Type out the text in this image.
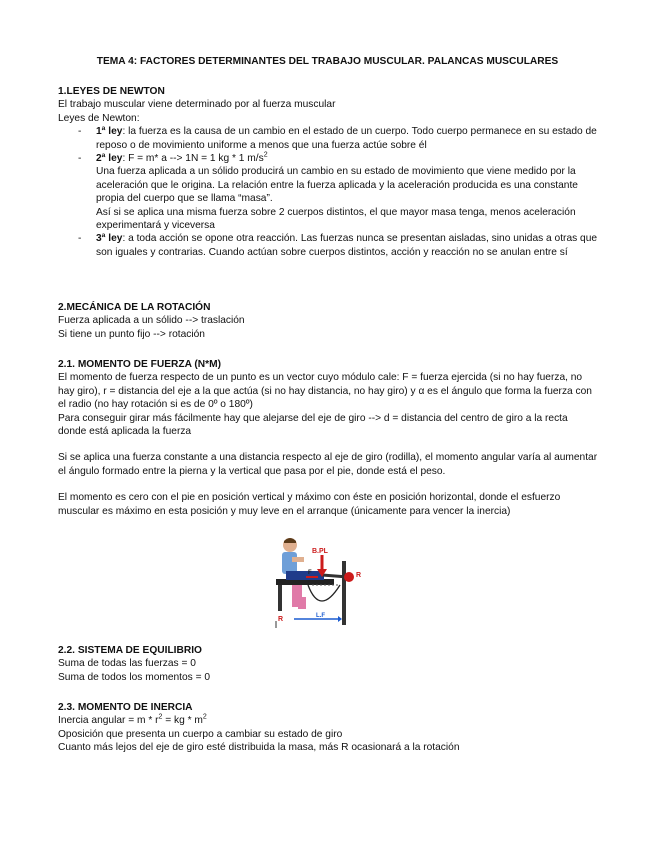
TEMA 4: FACTORES DETERMINANTES DEL TRABAJO MUSCULAR. PALANCAS MUSCULARES
1.LEYES DE NEWTON
El trabajo muscular viene determinado por al fuerza muscular
Leyes de Newton:
- 1ª ley: la fuerza es la causa de un cambio en el estado de un cuerpo. Todo cuerpo permanece en su estado de reposo o de movimiento uniforme a menos que una fuerza actúe sobre él
- 2ª ley: F = m* a --> 1N = 1 kg * 1 $m/s^2$
Una fuerza aplicada a un sólido producirá un cambio en su estado de movimiento que viene medido por la aceleración que le origina. La relación entre la fuerza aplicada y la aceleración producida es una constante propia del cuerpo que se llama “masa”.
Así si se aplica una misma fuerza sobre 2 cuerpos distintos, el que mayor masa tenga, menos aceleración experimentará y viceversa
- 3ª ley: a toda acción se opone otra reacción. Las fuerzas nunca se presentan aisladas, sino unidas a otras que son iguales y contrarias. Cuando actúan sobre cuerpos distintos, acción y reacción no se anulan entre sí
2.MECÁNICA DE LA ROTACIÓN
Fuerza aplicada a un sólido --> traslación
Si tiene un punto fijo --> rotación
2.1. MOMENTO DE FUERZA (N*M)
El momento de fuerza respecto de un punto es un vector cuyo módulo cale: F = fuerza ejercida (si no hay fuerza, no hay giro), r = distancia del eje a la que actúa (si no hay distancia, no hay giro) y α es el ángulo que forma la fuerza con el radio (no hay rotación si es de 0º o 180º)
Para conseguir girar más fácilmente hay que alejarse del eje de giro --> d = distancia del centro de giro a la recta donde está aplicada la fuerza
Si se aplica una fuerza constante a una distancia respecto al eje de giro (rodilla), el momento angular varía al aumentar el ángulo formado entre la pierna y la vertical que pasa por el pie, donde está el peso.
El momento es cero con el pie en posición vertical y máximo con éste en posición horizontal, donde el esfuerzo muscular es máximo en esta posición y muy leve en el arranque (únicamente para vencer la inercia)
B.PL
R
F
L.F
R
2.2. SISTEMA DE EQUILIBRIO
Suma de todas las fuerzas = 0
Suma de todos los momentos = 0
2.3. MOMENTO DE INERCIA
Inercia angular = m * $r^2$ = kg * $m^2$
Oposición que presenta un cuerpo a cambiar su estado de giro
Cuanto más lejos del eje de giro esté distribuida la masa, más R ocasionará a la rotación
